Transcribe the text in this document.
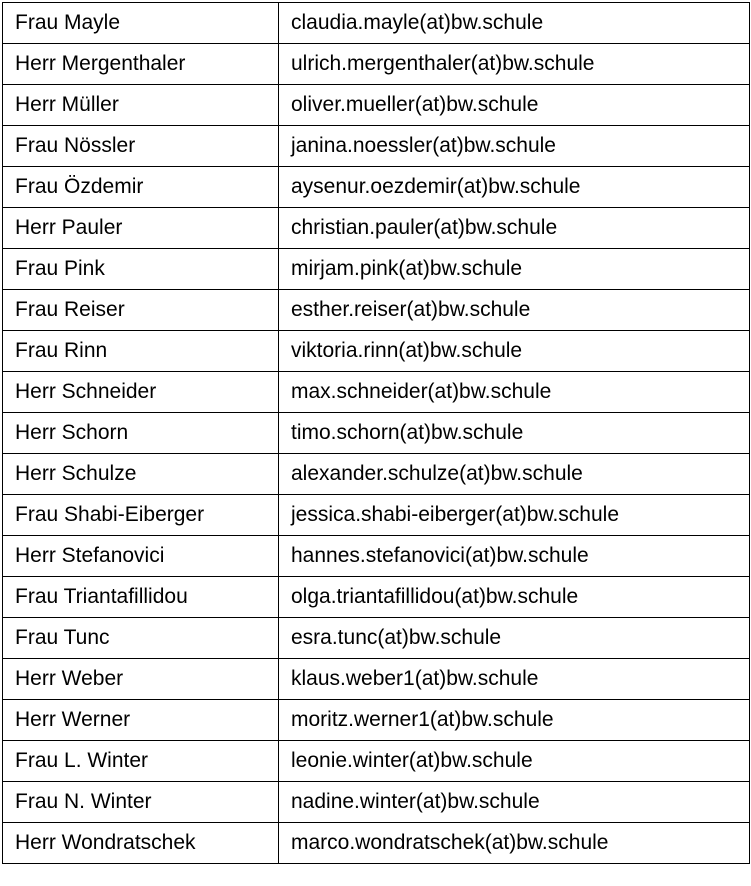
Frau Mayle	claudia.mayle(at)bw.schule
Herr Mergenthaler	ulrich.mergenthaler(at)bw.schule
Herr Müller	oliver.mueller(at)bw.schule
Frau Nössler	janina.noessler(at)bw.schule
Frau Özdemir	aysenur.oezdemir(at)bw.schule
Herr Pauler	christian.pauler(at)bw.schule
Frau Pink	mirjam.pink(at)bw.schule
Frau Reiser	esther.reiser(at)bw.schule
Frau Rinn	viktoria.rinn(at)bw.schule
Herr Schneider	max.schneider(at)bw.schule
Herr Schorn	timo.schorn(at)bw.schule
Herr Schulze	alexander.schulze(at)bw.schule
Frau Shabi-Eiberger	jessica.shabi-eiberger(at)bw.schule
Herr Stefanovici	hannes.stefanovici(at)bw.schule
Frau Triantafillidou	olga.triantafillidou(at)bw.schule
Frau Tunc	esra.tunc(at)bw.schule
Herr Weber	klaus.weber1(at)bw.schule
Herr Werner	moritz.werner1(at)bw.schule
Frau L. Winter	leonie.winter(at)bw.schule
Frau N. Winter	nadine.winter(at)bw.schule
Herr Wondratschek	marco.wondratschek(at)bw.schule
